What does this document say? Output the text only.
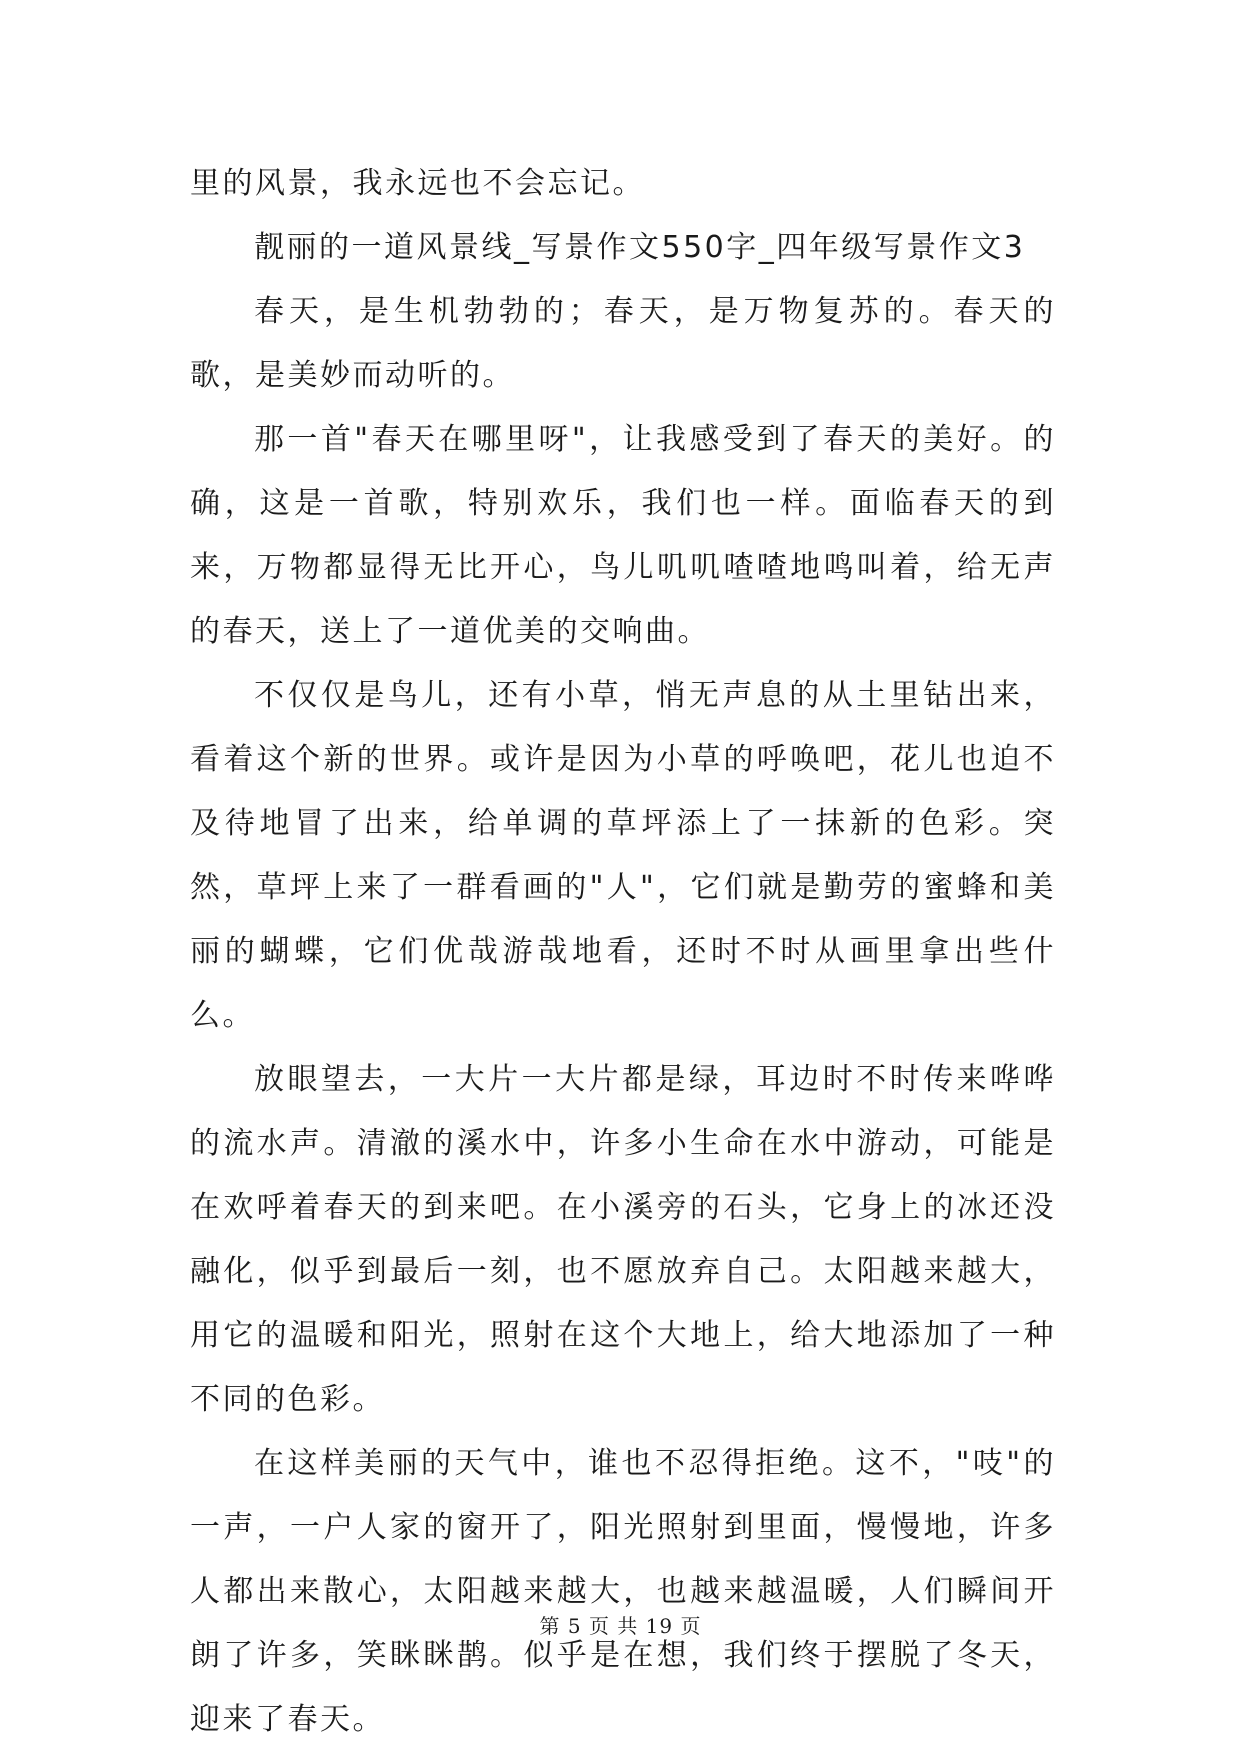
里的风景，我永远也不会忘记。

靓丽的一道风景线_写景作文550字_四年级写景作文3

春天，是生机勃勃的；春天，是万物复苏的。春天的歌，是美妙而动听的。

那一首"春天在哪里呀"，让我感受到了春天的美好。的确，这是一首歌，特别欢乐，我们也一样。面临春天的到来，万物都显得无比开心，鸟儿叽叽喳喳地鸣叫着，给无声的春天，送上了一道优美的交响曲。

不仅仅是鸟儿，还有小草，悄无声息的从土里钻出来，看着这个新的世界。或许是因为小草的呼唤吧，花儿也迫不及待地冒了出来，给单调的草坪添上了一抹新的色彩。突然，草坪上来了一群看画的"人"，它们就是勤劳的蜜蜂和美丽的蝴蝶，它们优哉游哉地看，还时不时从画里拿出些什么。

放眼望去，一大片一大片都是绿，耳边时不时传来哗哗的流水声。清澈的溪水中，许多小生命在水中游动，可能是在欢呼着春天的到来吧。在小溪旁的石头，它身上的冰还没融化，似乎到最后一刻，也不愿放弃自己。太阳越来越大，用它的温暖和阳光，照射在这个大地上，给大地添加了一种不同的色彩。

在这样美丽的天气中，谁也不忍得拒绝。这不，"吱"的一声，一户人家的窗开了，阳光照射到里面，慢慢地，许多人都出来散心，太阳越来越大，也越来越温暖，人们瞬间开朗了许多，笑眯眯鹊。似乎是在想，我们终于摆脱了冬天，迎来了春天。

第 5 页 共 19 页
